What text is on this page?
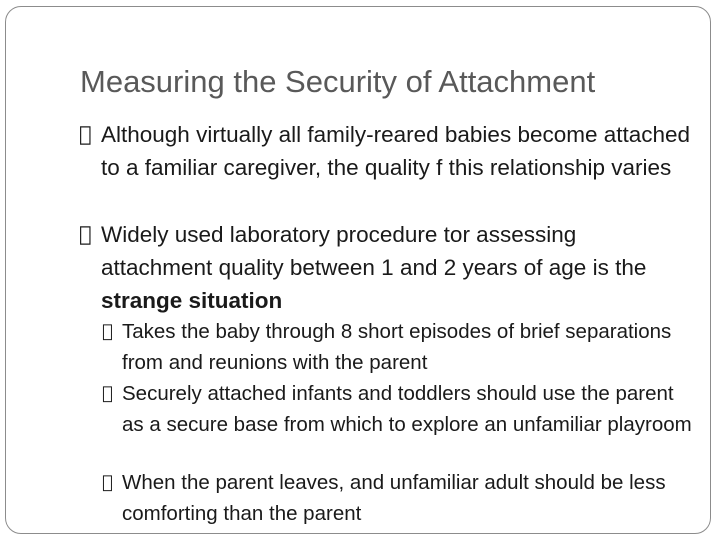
Measuring the Security of Attachment

Although virtually all family-reared babies become attached to a familiar caregiver, the quality f this relationship varies

Widely used laboratory procedure tor assessing attachment quality between 1 and 2 years of age is the strange situation

Takes the baby through 8 short episodes of brief separations from and reunions with the parent

Securely attached infants and toddlers should use the parent as a secure base from which to explore an unfamiliar playroom

When the parent leaves, and unfamiliar adult should be less comforting than the parent
